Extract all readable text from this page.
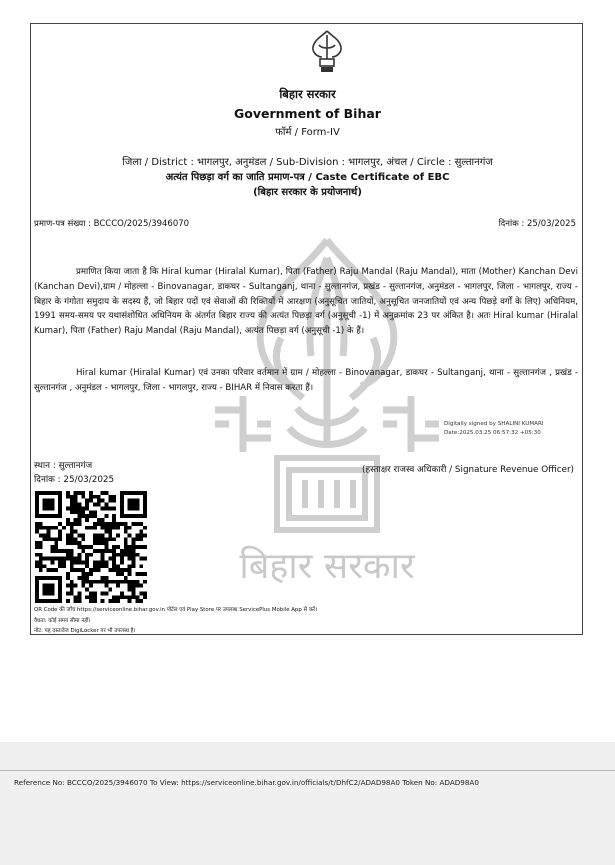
बिहार सरकार
बिहार सरकार
Government of Bihar
फॉर्म / Form-IV
जिला / District : भागलपुर, अनुमंडल / Sub-Division : भागलपुर, अंचल / Circle : सुल्तानगंज
अत्यंत पिछड़ा वर्ग का जाति प्रमाण-पत्र / Caste Certificate of EBC
(बिहार सरकार के प्रयोजनार्थ)
प्रमाण-पत्र संख्या : BCCCO/2025/3946070	दिनांक : 25/03/2025
प्रमाणित किया जाता है कि Hiral kumar (Hiralal Kumar), पिता (Father) Raju Mandal (Raju Mandal), माता (Mother) Kanchan Devi (Kanchan Devi),ग्राम / मोहल्ला - Binovanagar, डाकघर - Sultanganj, थाना - सुल्तानगंज, प्रखंड - सुल्तानगंज, अनुमंडल - भागलपुर, जिला - भागलपुर, राज्य - बिहार के गंगोता समुदाय के सदस्य हैं, जो बिहार पदों एवं सेवाओं की रिक्तियों में आरक्षण (अनुसूचित जातियों, अनुसूचित जनजातियों एवं अन्य पिछड़े वर्गों के लिए) अधिनियम, 1991 समय-समय पर यथासंशोधित अधिनियम के अंतर्गत बिहार राज्य की अत्यंत पिछड़ा वर्ग (अनुसूची -1) में अनुक्रमांक 23 पर अंकित है। अतः Hiral kumar (Hiralal Kumar), पिता (Father) Raju Mandal (Raju Mandal), अत्यंत पिछड़ा वर्ग (अनुसूची -1) के हैं।
Hiral kumar (Hiralal Kumar) एवं उनका परिवार वर्तमान में ग्राम / मोहल्ला - Binovanagar, डाकघर - Sultanganj, थाना - सुल्तानगंज , प्रखंड - सुल्तानगंज , अनुमंडल - भागलपुर, जिला - भागलपुर, राज्य - BIHAR में निवास करता हैं।
Digitally signed by SHALINI KUMARI
Date:2025.03.25 06:57:32 +05:30
स्थान : सुल्तानगंज
दिनांक : 25/03/2025
(हस्ताक्षर राजस्व अधिकारी / Signature Revenue Officer)
QR Code की जाँच https://serviceonline.bihar.gov.in पोर्टल एवं Play Store पर उपलब्ध ServicePlus Mobile App से करें।
वैधता: कोई समय सीमा नहीं।
नोट: यह दस्तावेज DigiLocker पर भी उपलब्ध है।
Reference No: BCCCO/2025/3946070 To View: https://serviceonline.bihar.gov.in/officials/t/DhfC2/ADAD98A0 Token No: ADAD98A0
